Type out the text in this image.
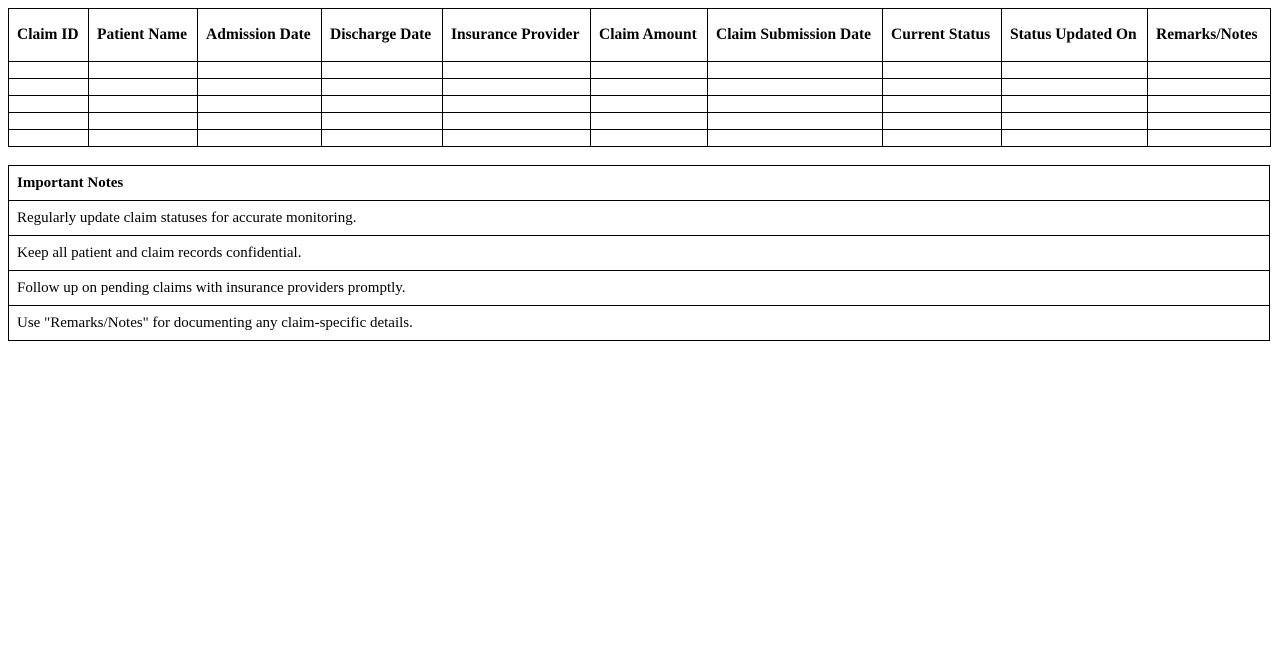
Claim ID	Patient Name	Admission Date	Discharge Date	Insurance Provider	Claim Amount	Claim Submission Date	Current Status	Status Updated On	Remarks/Notes

Important Notes
Regularly update claim statuses for accurate monitoring.
Keep all patient and claim records confidential.
Follow up on pending claims with insurance providers promptly.
Use "Remarks/Notes" for documenting any claim-specific details.
